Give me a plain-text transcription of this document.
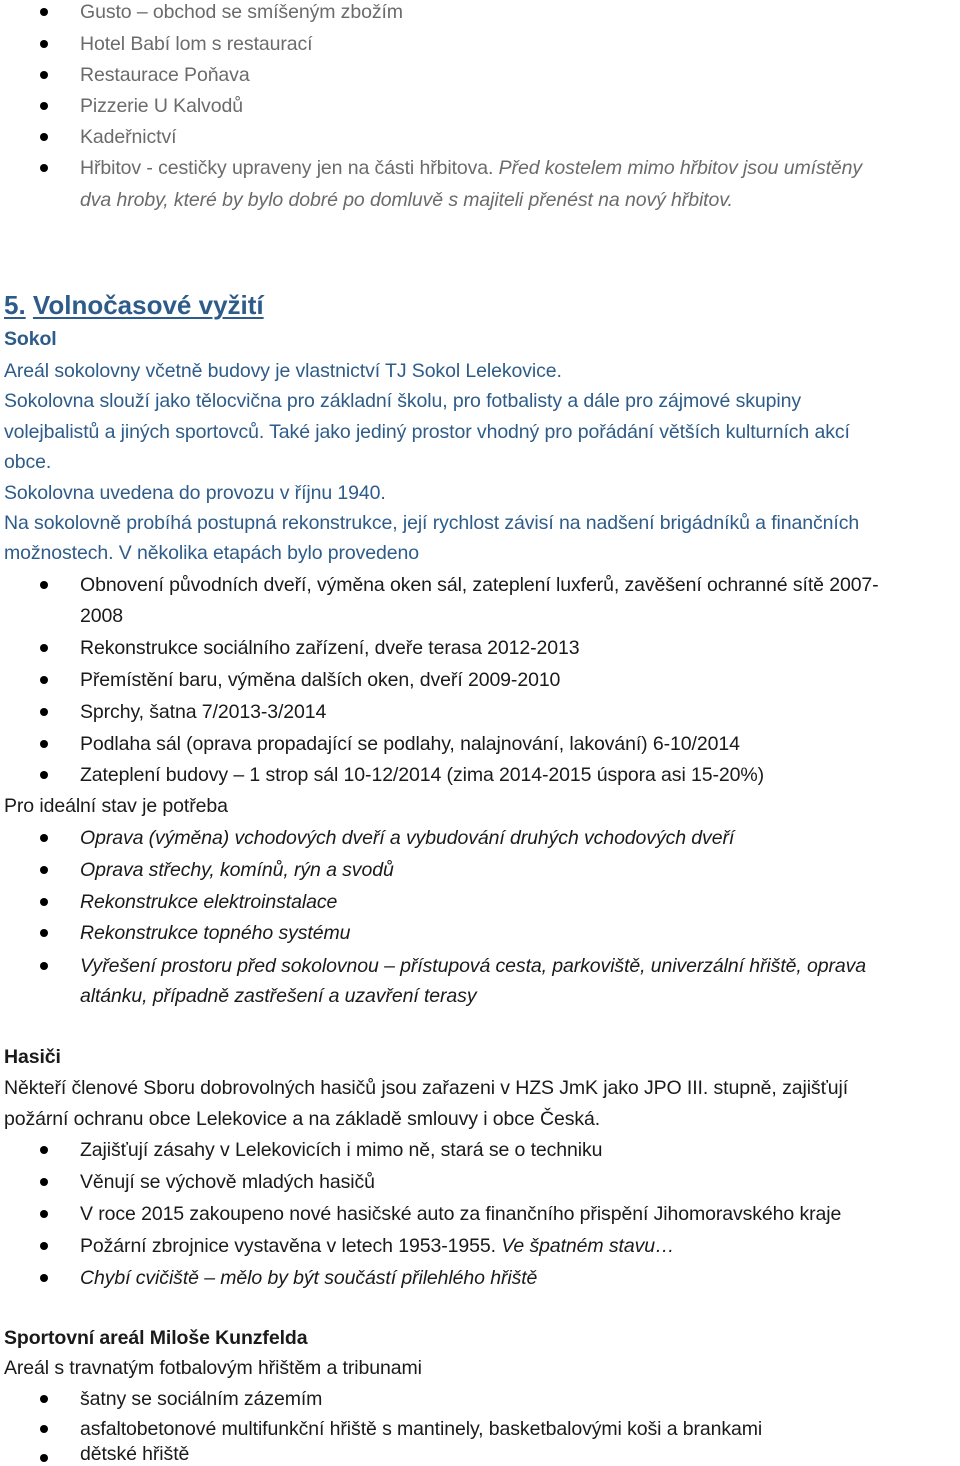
Gusto – obchod se smíšeným zbožím
Hotel Babí lom s restaurací
Restaurace Poňava
Pizzerie U Kalvodů
Kadeřnictví
Hřbitov - cestičky upraveny jen na části hřbitova. Před kostelem mimo hřbitov jsou umístěny
dva hroby, které by bylo dobré po domluvě s majiteli přenést na nový hřbitov.
5. Volnočasové vyžití
Sokol
Areál sokolovny včetně budovy je vlastnictví TJ Sokol Lelekovice.
Sokolovna slouží jako tělocvična pro základní školu, pro fotbalisty a dále pro zájmové skupiny
volejbalistů a jiných sportovců. Také jako jediný prostor vhodný pro pořádání větších kulturních akcí
obce.
Sokolovna uvedena do provozu v říjnu 1940.
Na sokolovně probíhá postupná rekonstrukce, její rychlost závisí na nadšení brigádníků a finančních
možnostech. V několika etapách bylo provedeno
Obnovení původních dveří, výměna oken sál, zateplení luxferů, zavěšení ochranné sítě 2007-
2008
Rekonstrukce sociálního zařízení, dveře terasa 2012-2013
Přemístění baru, výměna dalších oken, dveří 2009-2010
Sprchy, šatna 7/2013-3/2014
Podlaha sál (oprava propadající se podlahy, nalajnování, lakování) 6-10/2014
Zateplení budovy – 1 strop sál 10-12/2014 (zima 2014-2015 úspora asi 15-20%)
Pro ideální stav je potřeba
Oprava (výměna) vchodových dveří a vybudování druhých vchodových dveří
Oprava střechy, komínů, rýn a svodů
Rekonstrukce elektroinstalace
Rekonstrukce topného systému
Vyřešení prostoru před sokolovnou – přístupová cesta, parkoviště, univerzální hřiště, oprava
altánku, případně zastřešení a uzavření terasy
Hasiči
Někteří členové Sboru dobrovolných hasičů jsou zařazeni v HZS JmK jako JPO III. stupně, zajišťují
požární ochranu obce Lelekovice a na základě smlouvy i obce Česká.
Zajišťují zásahy v Lelekovicích i mimo ně, stará se o techniku
Věnují se výchově mladých hasičů
V roce 2015 zakoupeno nové hasičské auto za finančního přispění Jihomoravského kraje
Požární zbrojnice vystavěna v letech 1953-1955. Ve špatném stavu…
Chybí cvičiště – mělo by být součástí přilehlého hřiště
Sportovní areál Miloše Kunzfelda
Areál s travnatým fotbalovým hřištěm a tribunami
šatny se sociálním zázemím
asfaltobetonové multifunkční hřiště s mantinely, basketbalovými koši a brankami
dětské hřiště
